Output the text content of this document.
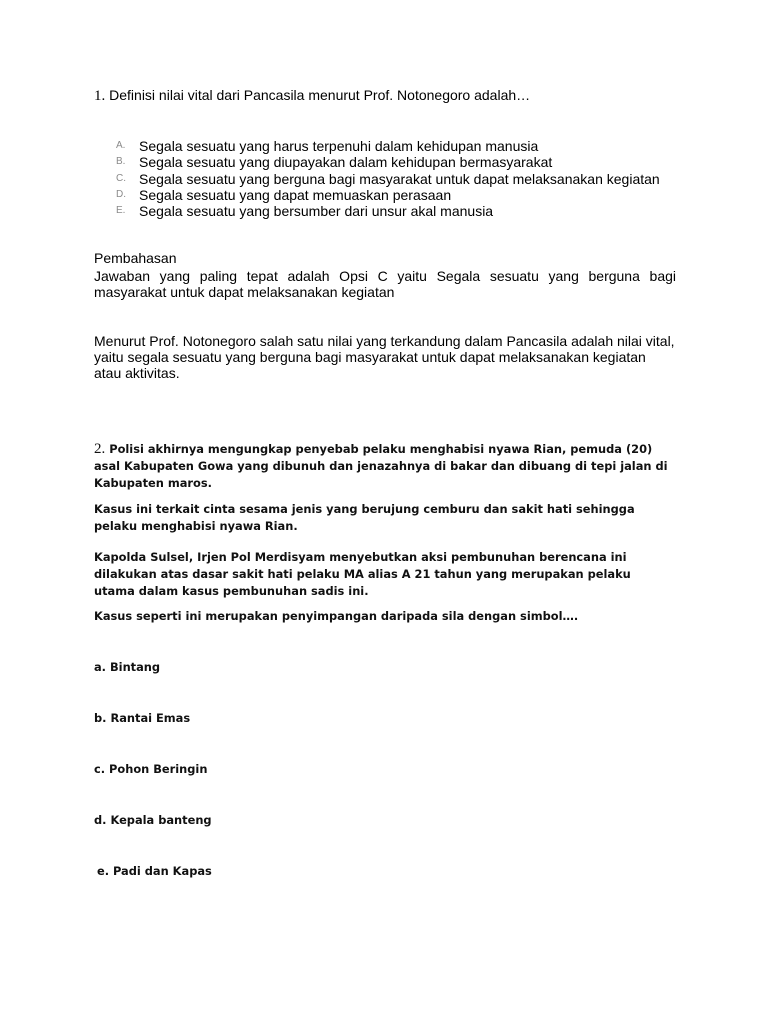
1. Definisi nilai vital dari Pancasila menurut Prof. Notonegoro adalah…
A. Segala sesuatu yang harus terpenuhi dalam kehidupan manusia
B. Segala sesuatu yang diupayakan dalam kehidupan bermasyarakat
C. Segala sesuatu yang berguna bagi masyarakat untuk dapat melaksanakan kegiatan
D. Segala sesuatu yang dapat memuaskan perasaan
E. Segala sesuatu yang bersumber dari unsur akal manusia
Pembahasan
Jawaban yang paling tepat adalah Opsi C yaitu Segala sesuatu yang berguna bagi masyarakat untuk dapat melaksanakan kegiatan
Menurut Prof. Notonegoro salah satu nilai yang terkandung dalam Pancasila adalah nilai vital, yaitu segala sesuatu yang berguna bagi masyarakat untuk dapat melaksanakan kegiatan atau aktivitas.
2. Polisi akhirnya mengungkap penyebab pelaku menghabisi nyawa Rian, pemuda (20) asal Kabupaten Gowa yang dibunuh dan jenazahnya di bakar dan dibuang di tepi jalan di Kabupaten maros.
Kasus ini terkait cinta sesama jenis yang berujung cemburu dan sakit hati sehingga pelaku menghabisi nyawa Rian.
Kapolda Sulsel, Irjen Pol Merdisyam menyebutkan aksi pembunuhan berencana ini dilakukan atas dasar sakit hati pelaku MA alias A 21 tahun yang merupakan pelaku utama dalam kasus pembunuhan sadis ini.
Kasus seperti ini merupakan penyimpangan daripada sila dengan simbol….
a. Bintang
b. Rantai Emas
c. Pohon Beringin
d. Kepala banteng
e. Padi dan Kapas
